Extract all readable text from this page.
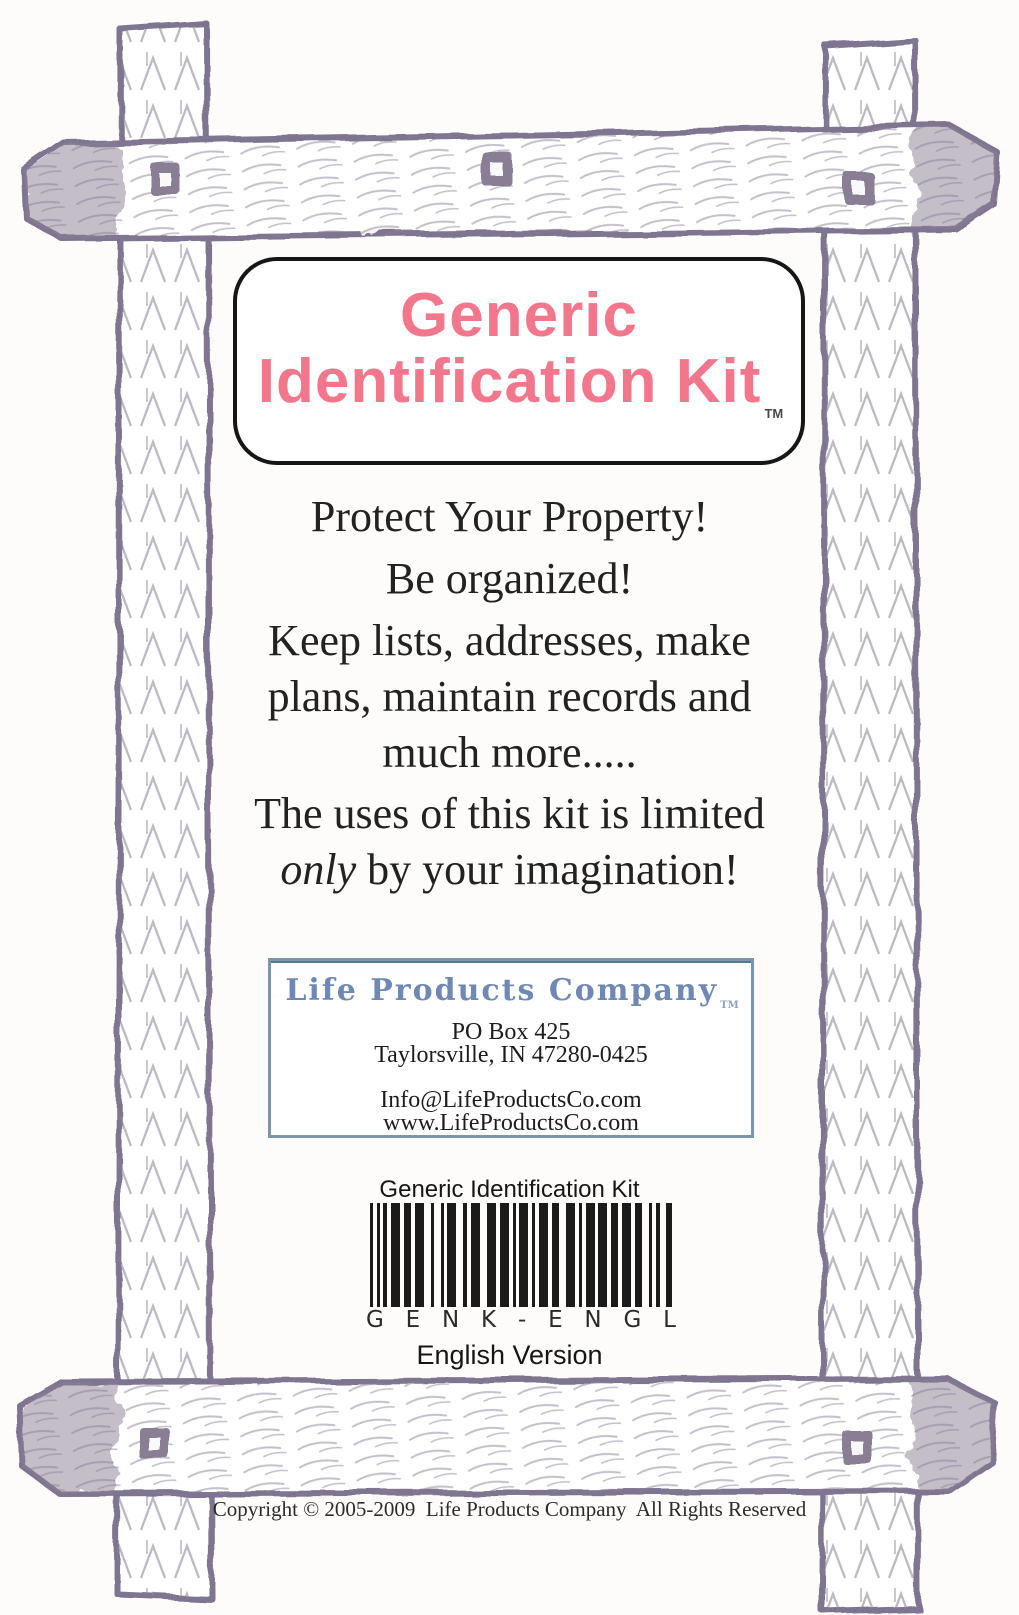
Generic
Identification Kit $_{TM}$
Protect Your Property!
Be organized!
Keep lists, addresses, make
plans, maintain records and
much more.....
The uses of this kit is limited
only by your imagination!
Life Products Company $_{TM}$
PO Box 425
Taylorsville, IN 47280-0425
Info@LifeProductsCo.com
www.LifeProductsCo.com
Generic Identification Kit
G E N K - E N G L
English Version
Copyright © 2005-2009  Life Products Company  All Rights Reserved
